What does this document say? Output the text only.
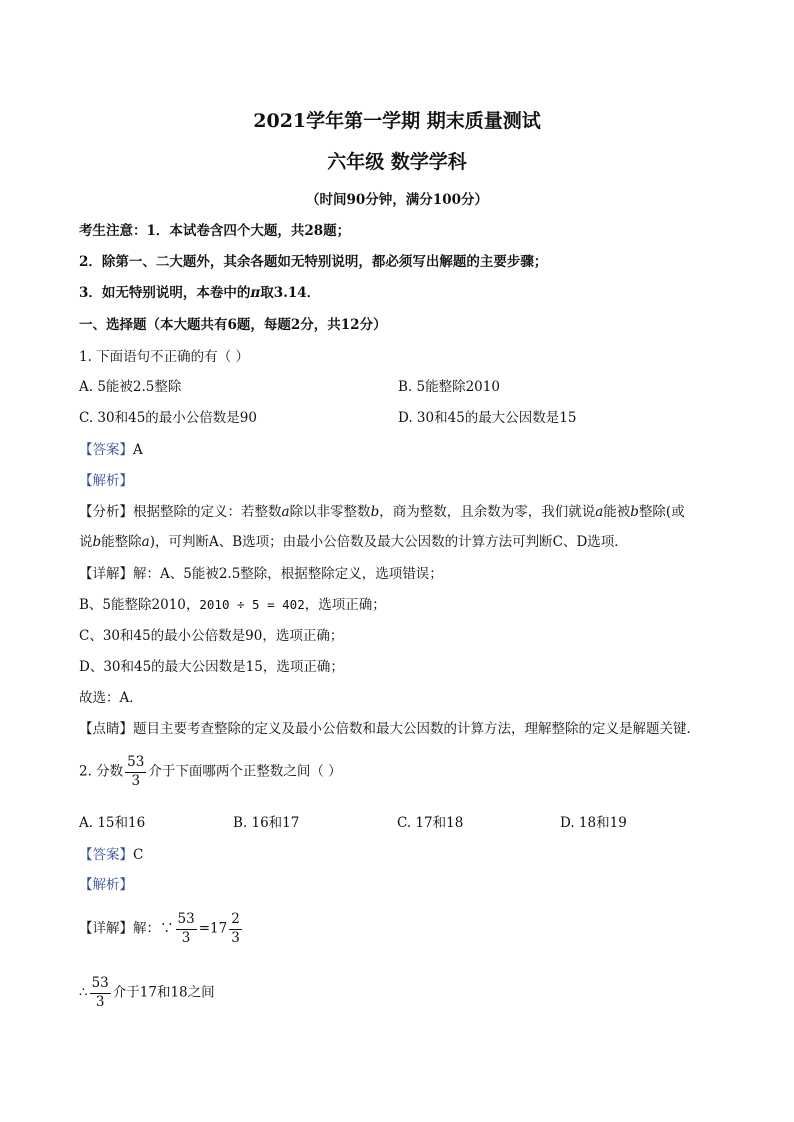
2021学年第一学期 期末质量测试
六年级 数学学科
（时间90分钟，满分100分）
考生注意：1．本试卷含四个大题，共28题；
2．除第一、二大题外，其余各题如无特别说明，都必须写出解题的主要步骤；
3．如无特别说明，本卷中的π取3.14．
一、选择题（本大题共有6题，每题2分，共12分）
1. 下面语句不正确的有（ ）
A. 5能被2.5整除	B. 5能整除2010
C. 30和45的最小公倍数是90	D. 30和45的最大公因数是15
【答案】A
【解析】
【分析】根据整除的定义：若整数a除以非零整数b，商为整数，且余数为零，我们就说a能被b整除(或
说b能整除a)，可判断A、B选项；由最小公倍数及最大公因数的计算方法可判断C、D选项．
【详解】解：A、5能被2.5整除，根据整除定义，选项错误；
B、5能整除2010，2010 ÷ 5 = 402，选项正确；
C、30和45的最小公倍数是90，选项正确；
D、30和45的最大公因数是15，选项正确；
故选：A．
【点睛】题目主要考查整除的定义及最小公倍数和最大公因数的计算方法，理解整除的定义是解题关键．
2. 分数 $\frac{53}{3}$ 介于下面哪两个正整数之间（ ）
A. 15和16	B. 16和17	C. 17和18	D. 18和19
【答案】C
【解析】
【详解】解：∵ $\frac{53}{3} =17 \frac{2}{3}$
∴ $\frac{53}{3}$ 介于17和18之间
